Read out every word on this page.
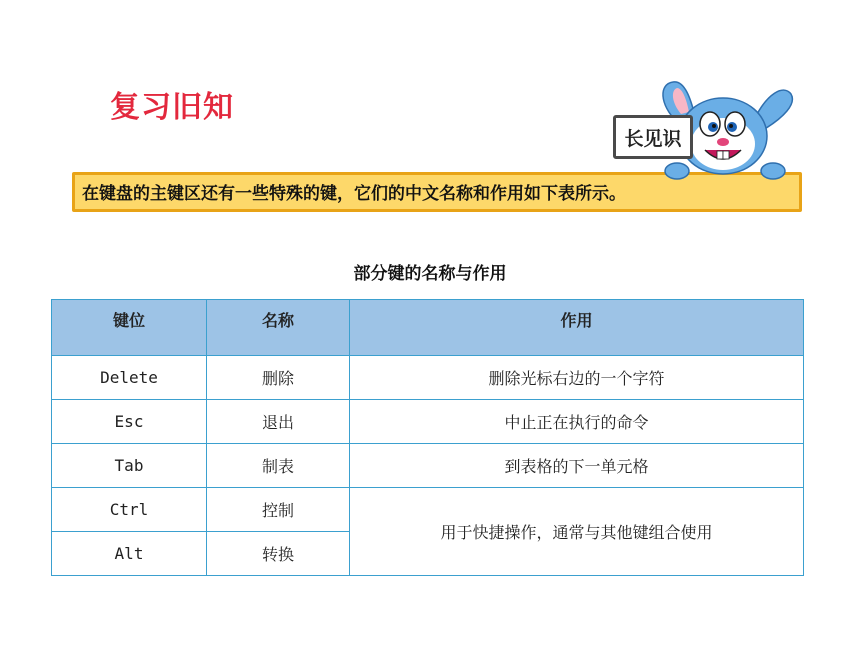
复习旧知
长见识
在键盘的主键区还有一些特殊的键，它们的中文名称和作用如下表所示。
部分键的名称与作用
键位	名称	作用
Delete	删除	删除光标右边的一个字符
Esc	退出	中止正在执行的命令
Tab	制表	到表格的下一单元格
Ctrl	控制	用于快捷操作，通常与其他键组合使用
Alt	转换	
